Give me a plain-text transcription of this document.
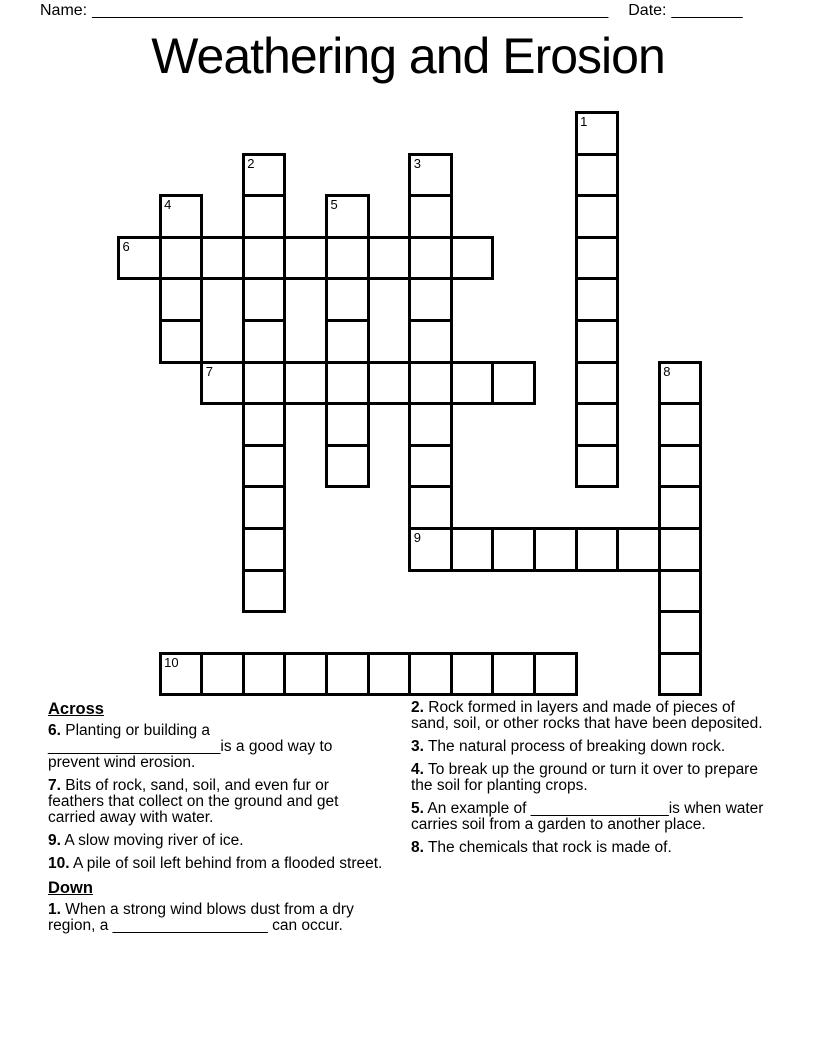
Name: __________________________________________________________ Date: ________
Weathering and Erosion
1
2	3
9
4	5
6
7	8
10
Across
6. Planting or building a ____________________is a good way to prevent wind erosion.
7. Bits of rock, sand, soil, and even fur or feathers that collect on the ground and get carried away with water.
9. A slow moving river of ice.
10. A pile of soil left behind from a flooded street.
Down
1. When a strong wind blows dust from a dry region, a __________________ can occur.
2. Rock formed in layers and made of pieces of sand, soil, or other rocks that have been deposited.
3. The natural process of breaking down rock.
4. To break up the ground or turn it over to prepare the soil for planting crops.
5. An example of ________________is when water carries soil from a garden to another place.
8. The chemicals that rock is made of.
